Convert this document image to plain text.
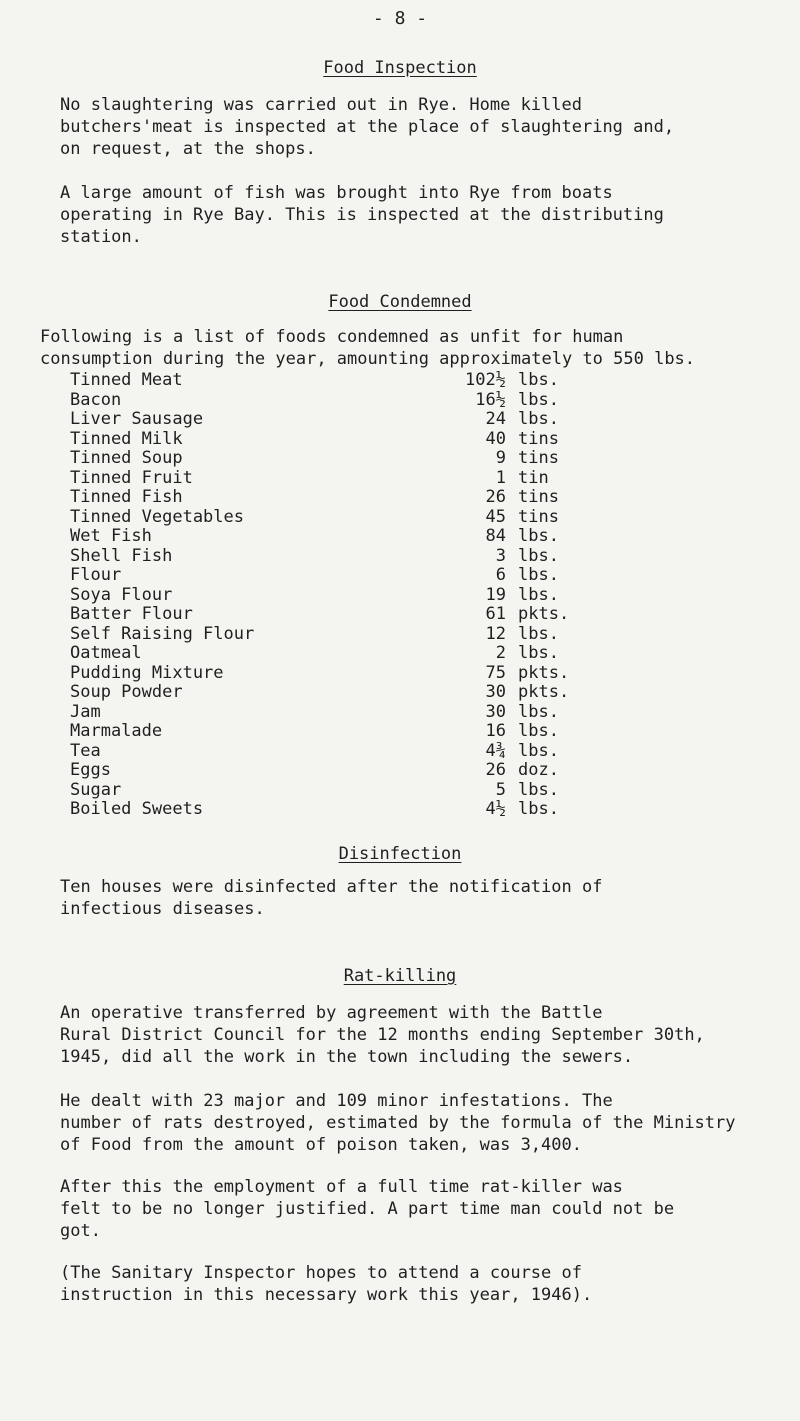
- 8 -
Food Inspection
No slaughtering was carried out in Rye. Home killed
butchers'meat is inspected at the place of slaughtering and,
on request, at the shops.
A large amount of fish was brought into Rye from boats
operating in Rye Bay. This is inspected at the distributing
station.
Food Condemned
Following is a list of foods condemned as unfit for human
consumption during the year, amounting approximately to 550 lbs.
Tinned Meat	102½ lbs.
Bacon	16½ lbs.
Liver Sausage	24 lbs.
Tinned Milk	40 tins
Tinned Soup	9 tins
Tinned Fruit	1 tin
Tinned Fish	26 tins
Tinned Vegetables	45 tins
Wet Fish	84 lbs.
Shell Fish	3 lbs.
Flour	6 lbs.
Soya Flour	19 lbs.
Batter Flour	61 pkts.
Self Raising Flour	12 lbs.
Oatmeal	2 lbs.
Pudding Mixture	75 pkts.
Soup Powder	30 pkts.
Jam	30 lbs.
Marmalade	16 lbs.
Tea	4¾ lbs.
Eggs	26 doz.
Sugar	5 lbs.
Boiled Sweets	4½ lbs.
Disinfection
Ten houses were disinfected after the notification of
infectious diseases.
Rat-killing
An operative transferred by agreement with the Battle
Rural District Council for the 12 months ending September 30th,
1945, did all the work in the town including the sewers.
He dealt with 23 major and 109 minor infestations. The
number of rats destroyed, estimated by the formula of the Ministry
of Food from the amount of poison taken, was 3,400.
After this the employment of a full time rat-killer was
felt to be no longer justified. A part time man could not be
got.
(The Sanitary Inspector hopes to attend a course of
instruction in this necessary work this year, 1946).
